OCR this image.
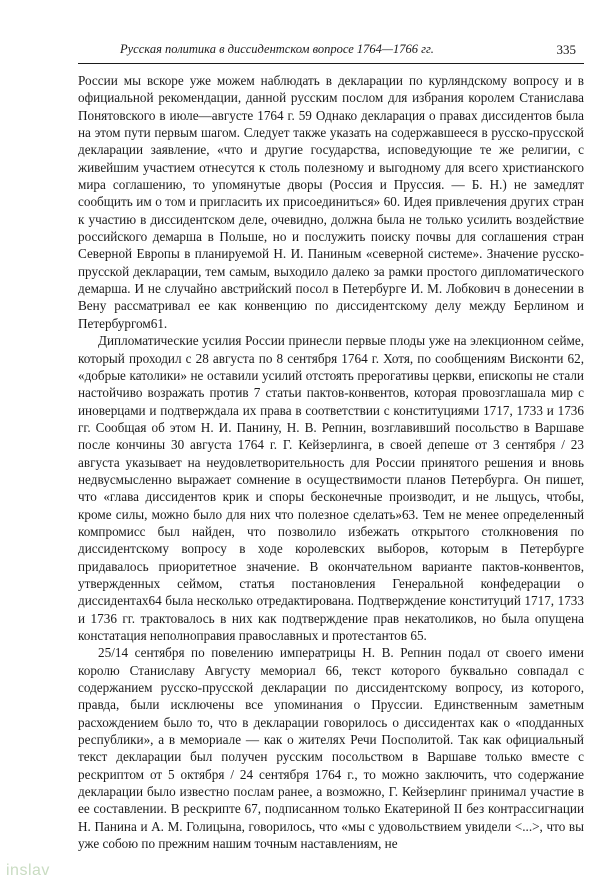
Русская политика в диссидентском вопросе 1764—1766 гг.	335

России мы вскоре уже можем наблюдать в декларации по курляндскому вопросу и в официальной рекомендации, данной русским послом для избрания королем Станислава Понятовского в июле—августе 1764 г. 59 Однако декларация о правах диссидентов была на этом пути первым шагом. Следует также указать на содержавшееся в русско-прусской декларации заявление, «что и другие государства, исповедующие те же религии, с живейшим участием отнесутся к столь полезному и выгодному для всего христианского мира соглашению, то упомянутые дворы (Россия и Пруссия. — Б. Н.) не замедлят сообщить им о том и пригласить их присоединиться» 60. Идея привлечения других стран к участию в диссидентском деле, очевидно, должна была не только усилить воздействие российского демарша в Польше, но и послужить поиску почвы для соглашения стран Северной Европы в планируемой Н. И. Паниным «северной системе». Значение русско-прусской декларации, тем самым, выходило далеко за рамки простого дипломатического демарша. И не случайно австрийский посол в Петербурге И. М. Лобкович в донесении в Вену рассматривал ее как конвенцию по диссидентскому делу между Берлином и Петербургом61.

Дипломатические усилия России принесли первые плоды уже на элекционном сейме, который проходил с 28 августа по 8 сентября 1764 г. Хотя, по сообщениям Висконти 62, «добрые католики» не оставили усилий отстоять прерогативы церкви, епископы не стали настойчиво возражать против 7 статьи пактов-конвентов, которая провозглашала мир с иноверцами и подтверждала их права в соответствии с конституциями 1717, 1733 и 1736 гг. Сообщая об этом Н. И. Панину, Н. В. Репнин, возглавивший посольство в Варшаве после кончины 30 августа 1764 г. Г. Кейзерлинга, в своей депеше от 3 сентября / 23 августа указывает на неудовлетворительность для России принятого решения и вновь недвусмысленно выражает сомнение в осуществимости планов Петербурга. Он пишет, что «глава диссидентов крик и споры бесконечные производит, и не льщусь, чтобы, кроме силы, можно было для них что полезное сделать»63. Тем не менее определенный компромисс был найден, что позволило избежать открытого столкновения по диссидентскому вопросу в ходе королевских выборов, которым в Петербурге придавалось приоритетное значение. В окончательном варианте пактов-конвентов, утвержденных сеймом, статья постановления Генеральной конфедерации о диссидентах64 была несколько отредактирована. Подтверждение конституций 1717, 1733 и 1736 гг. трактовалось в них как подтверждение прав некатоликов, но была опущена констатация неполноправия православных и протестантов 65.

25/14 сентября по повелению императрицы Н. В. Репнин подал от своего имени королю Станиславу Августу мемориал 66, текст которого буквально совпадал с содержанием русско-прусской декларации по диссидентскому вопросу, из которого, правда, были исключены все упоминания о Пруссии. Единственным заметным расхождением было то, что в декларации говорилось о диссидентах как о «подданных республики», а в мемориале — как о жителях Речи Посполитой. Так как официальный текст декларации был получен русским посольством в Варшаве только вместе с рескриптом от 5 октября / 24 сентября 1764 г., то можно заключить, что содержание декларации было известно послам ранее, а возможно, Г. Кейзерлинг принимал участие в ее составлении. В рескрипте 67, подписанном только Екатериной II без контрассигнации Н. Панина и А. М. Голицына, говорилось, что «мы с удовольствием увидели <...>, что вы уже собою по прежним нашим точным наставлениям, не

inslav
